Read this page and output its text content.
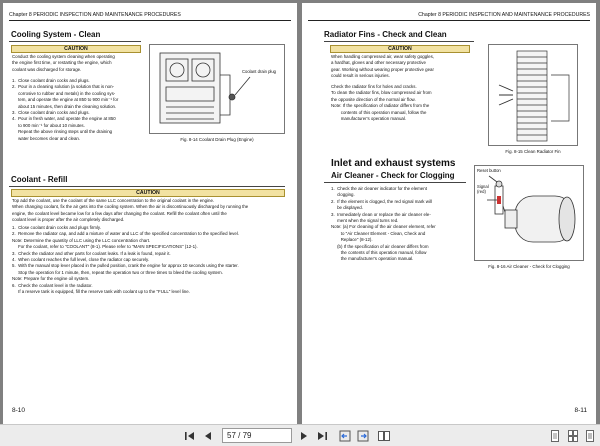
Chapter 8 PERIODIC INSPECTION AND MAINTENANCE PROCEDURES
Cooling System - Clean
CAUTION

Conduct the cooling system cleaning when operating

the engine first time, or restarting the engine, which

coolant was discharged for storage.

1.  Close coolant drain cocks and plugs.

2.  Pour in a cleaning solution (a solution that is non-

corrosive to rubber and metals) in the cooling sys-

tem, and operate the engine at 850 to 900 min⁻¹ for

about 15 minutes, then drain the cleaning solution.

3.  Close coolant drain cocks and plugs.

4.  Pour in fresh water, and operate the engine at 850

to 900 min⁻¹ for about 10 minutes.

Repeat the above rinsing steps until the draining

water becomes clear and clean.

Coolant drain plug
Fig. 8-14 Coolant Drain Plug (Engine)
Coolant - Refill
CAUTION

Top add the coolant, use the coolant of the same LLC concentration to the original coolant in the engine.

When changing coolant, fix the air gets into the cooling system. When the air is discontinuously discharged by running the

engine, the coolant level became low for a few days after changing the coolant. Refill the coolant often until the

coolant level is proper after the air completely discharged.

1.  Close coolant drain cocks and plugs firmly.

2.  Remove the radiator cap, and add a mixture of water and LLC of the specified concentration to the specified level.

Note: Determine the quantity of LLC using the LLC concentration chart.

For the coolant, refer to "COOLANT" (8-1). Please refer to "MAIN SPECIFICATIONS" (12-1).

3.  Check the radiator and other parts for coolant leaks. If a leak is found, repair it.

4.  When coolant reaches the full level, close the radiator cap securely.

5.  With the manual stop lever placed in the pulled position, crank the engine for approx 10 seconds using the starter.

Stop the operation for 1 minute, then, repeat the operation two or three times to bleed the cooling system.

Note: Prepare for the engine oil system.

6.  Check the coolant level in the radiator.

If a reserve tank is equipped, fill the reserve tank with coolant up to the "FULL" level line.

8-10
Chapter 8 PERIODIC INSPECTION AND MAINTENANCE PROCEDURES
Radiator Fins - Check and Clean
CAUTION

When handling compressed air, wear safety goggles,

a hardhat, gloves and other necessary protective

gear. Working without wearing proper protective gear

could result in serious injuries.

Check the radiator fins for holes and cracks.

To clean the radiator fins, blow compressed air from

the opposite direction of the normal air flow.

Note: If the specification of radiator differs from the

contents of this operation manual, follow the

manufacturer's operation manual.

Fig. 8-15 Clean Radiator Fin
Inlet and exhaust systems
Air Cleaner - Check for Clogging

1.  Check the air cleaner indicator for the element

clogging.

2.  If the element is clogged, the red signal mark will

be displayed.

3.  Immediately clean or replace the air cleaner ele-

ment when the signal turns red.

Note: (a) For cleaning of the air cleaner element, refer

to "Air Cleaner Element - Clean, Check and

Replace" (8-12).

(b) If the specification of air cleaner differs from

the contents of this operation manual, follow

the manufacturer's operation manual.

Reset button
Signal (red)
Fig. 8-16 Air Cleaner - Check for Clogging
8-11
57 / 79
